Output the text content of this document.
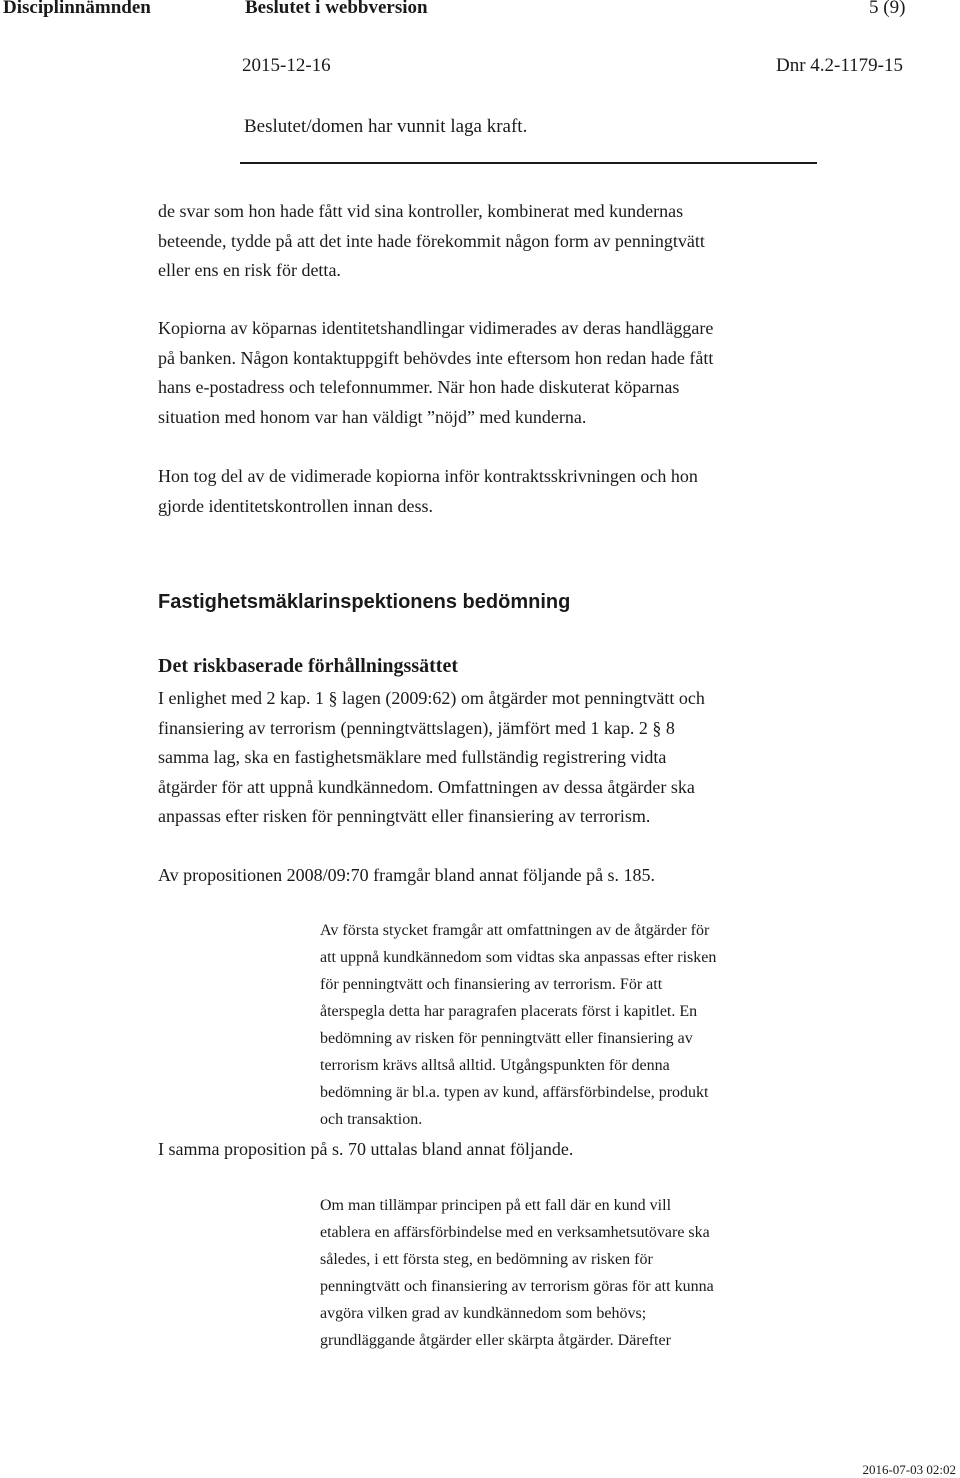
Disciplinnämnden	Beslutet i webbversion	5 (9)
2015-12-16	Dnr 4.2-1179-15
Beslutet/domen har vunnit laga kraft.

de svar som hon hade fått vid sina kontroller, kombinerat med kundernas

beteende, tydde på att det inte hade förekommit någon form av penningtvätt

eller ens en risk för detta.

Kopiorna av köparnas identitetshandlingar vidimerades av deras handläggare

på banken. Någon kontaktuppgift behövdes inte eftersom hon redan hade fått

hans e-postadress och telefonnummer. När hon hade diskuterat köparnas

situation med honom var han väldigt ”nöjd” med kunderna.

Hon tog del av de vidimerade kopiorna inför kontraktsskrivningen och hon

gjorde identitetskontrollen innan dess.

Fastighetsmäklarinspektionens bedömning
Det riskbaserade förhållningssättet

I enlighet med 2 kap. 1 § lagen (2009:62) om åtgärder mot penningtvätt och

finansiering av terrorism (penningtvättslagen), jämfört med 1 kap. 2 § 8

samma lag, ska en fastighetsmäklare med fullständig registrering vidta

åtgärder för att uppnå kundkännedom. Omfattningen av dessa åtgärder ska

anpassas efter risken för penningtvätt eller finansiering av terrorism.

Av propositionen 2008/09:70 framgår bland annat följande på s. 185.

Av första stycket framgår att omfattningen av de åtgärder för

att uppnå kundkännedom som vidtas ska anpassas efter risken

för penningtvätt och finansiering av terrorism. För att

återspegla detta har paragrafen placerats först i kapitlet. En

bedömning av risken för penningtvätt eller finansiering av

terrorism krävs alltså alltid. Utgångspunkten för denna

bedömning är bl.a. typen av kund, affärsförbindelse, produkt

och transaktion.

I samma proposition på s. 70 uttalas bland annat följande.

Om man tillämpar principen på ett fall där en kund vill

etablera en affärsförbindelse med en verksamhetsutövare ska

således, i ett första steg, en bedömning av risken för

penningtvätt och finansiering av terrorism göras för att kunna

avgöra vilken grad av kundkännedom som behövs;

grundläggande åtgärder eller skärpta åtgärder. Därefter

2016-07-03 02:02
